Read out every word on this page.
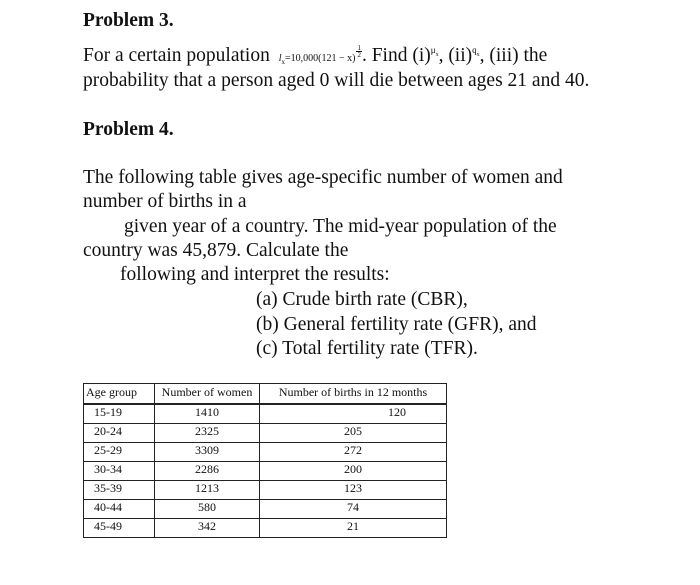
Problem 3.
For a certain population $l_x=10,000(121 - x)$
$\frac{1}{2}$ . Find $(i)^{\mu_x}$, (ii)$^{q_x}$, (iii) the
probability that a person aged 0 will die between ages 21 and 40.
Problem 4.
The following table gives age-specific number of women and
number of births in a
given year of a country. The mid-year population of the
country was 45,879. Calculate the
following and interpret the results:
(a) Crude birth rate (CBR),
(b) General fertility rate (GFR), and
(c) Total fertility rate (TFR).
Age group	Number of women	Number of births in 12 months
15-19	1410	120
20-24	2325	205
25-29	3309	272
30-34	2286	200
35-39	1213	123
40-44	580	74
45-49	342	21
